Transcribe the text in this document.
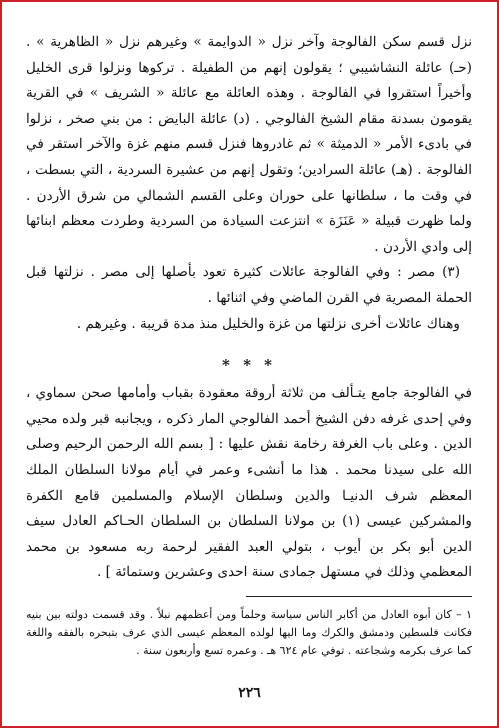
نزل قسم سكن الفالوجة وآخر نزل « الدوايمة » وغيرهم نزل « الظاهرية » . (حـ) عائلة النشاشيبي ؛ يقولون إنهم من الطفيلة . تركوها ونزلوا قرى الخليل وأخيراً استقروا في الفالوجة . وهذه العائلة مع عائلة « الشريف » في القرية يقومون بسدنة مقام الشيخ الفالوجي . (د) عائلة البايض : من بني صخر ، نزلوا في بادىء الأمر « الدميثة » ثم غادروها فنزل قسم منهم غزة والآخر استقر في الفالوجة . (هـ) عائلة السرادين؛ وتقول إنهم من عشيرة السردية ، التي بسطت ، في وقت ما ، سلطانها على حوران وعلى القسم الشمالي من شرق الأردن . ولما ظهرت قبيلة « عَنَزَة » انتزعت السيادة من السردية وطردت معظم ابنائها إلى وادي الأردن .

(٣) مصر : وفي الفالوجة عائلات كثيرة تعود بأصلها إلى مصر . نزلتها قبل الحملة المصرية في القرن الماضي وفي اثنائها .

وهناك عائلات أخرى نزلتها من غزة والخليل منذ مدة قريبة . وغيرهم .

* * *

في الفالوجة جامع يتـألف من ثلاثة أروقة معقودة بقباب وأمامها صحن سماوي ، وفي إحدى غرفه دفن الشيخ أحمد الفالوجي المار ذكره ، ويجانبه قبر ولده محيي الدين . وعلى باب الغرفة رخامة نقش عليها : [ بسم الله الرحمن الرحيم وصلى الله على سيدنا محمد . هذا ما أنشىء وعمر في أيام مولانا السلطان الملك المعظم شرف الدنيـا والدين وسلطان الإسلام والمسلمين قامع الكفرة والمشركين عيسى (١) بن مولانا السلطان بن السلطان الحـاكم العادل سيف الدين أبو بكر بن أيوب ، بتولي العبد الفقير لرحمة ربه مسعود بن محمد المعظمي وذلك في مستهل جمادى سنة احدى وعشرين وستمائة ] .

١ – كان أبوه العادل من أكابر الناس سياسة وحلماً ومن أعظمهم نبلاً . وقد قسمت دولته بين بنيه فكانت فلسطين ودمشق والكرك وما اليها لولده المعظم عيسى الذي عرف بتبحره بالفقه واللغة كما عرف بكرمه وشجاعته . توفي عام ٦٢٤ هـ . وعمره تسع وأربعون سنة .

٢٢٦
